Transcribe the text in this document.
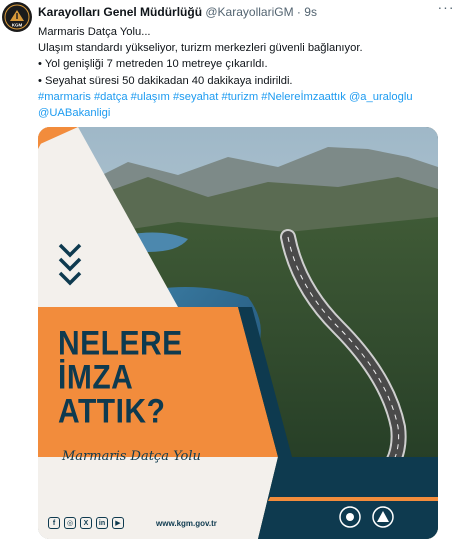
KGM
Karayolları Genel Müdürlüğü @KarayollariGM · 9s	···

Marmaris Datça Yolu...

Ulaşım standardı yükseliyor, turizm merkezleri güvenli bağlanıyor.

• Yol genişliği 7 metreden 10 metreye çıkarıldı.

• Seyahat süresi 50 dakikadan 40 dakikaya indirildi.

#marmaris #datça #ulaşım #seyahat #turizm #Nelereİmzaattık @a_uraloglu

@UABakanligi

NELERE
İMZA
ATTIK?
Marmaris Datça Yolu
f	◎	X	in	▶	www.kgm.gov.tr
